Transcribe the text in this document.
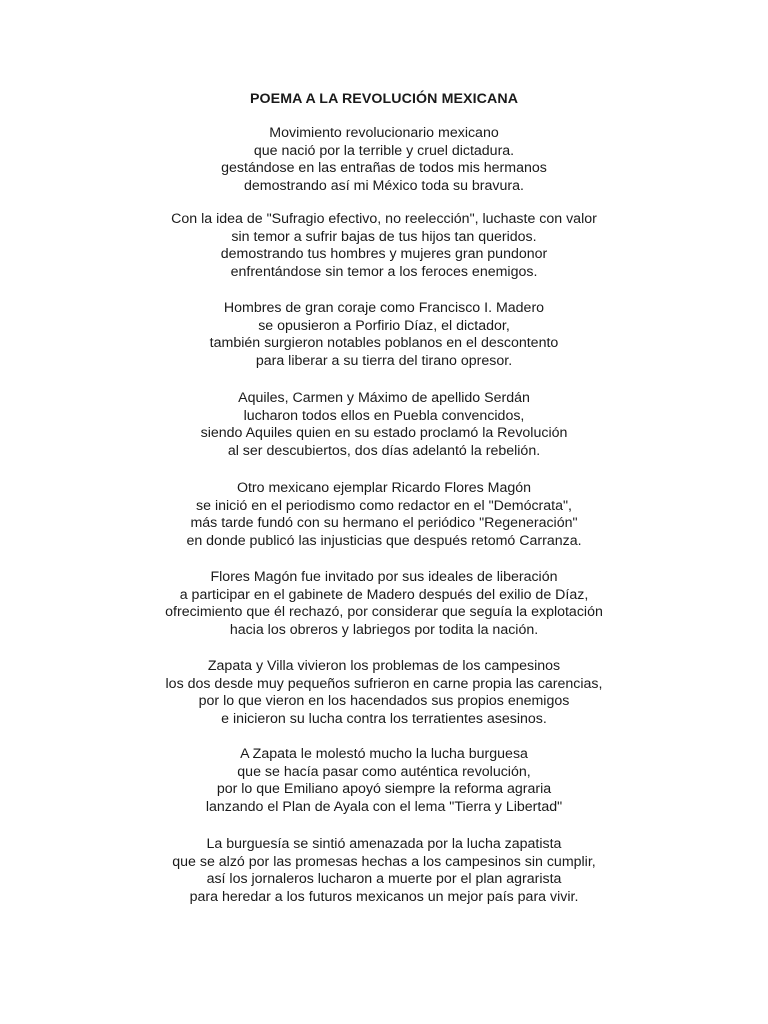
POEMA A LA REVOLUCIÓN MEXICANA
Movimiento revolucionario mexicano
que nació por la terrible y cruel dictadura.
gestándose en las entrañas de todos mis hermanos
demostrando así mi México toda su bravura.
Con la idea de "Sufragio efectivo, no reelección", luchaste con valor
sin temor a sufrir bajas de tus hijos tan queridos.
demostrando tus hombres y mujeres gran pundonor
enfrentándose sin temor a los feroces enemigos.
Hombres de gran coraje como Francisco I. Madero
se opusieron a Porfirio Díaz, el dictador,
también surgieron notables poblanos en el descontento
para liberar a su tierra del tirano opresor.
Aquiles, Carmen y Máximo de apellido Serdán
lucharon todos ellos en Puebla convencidos,
siendo Aquiles quien en su estado proclamó la Revolución
al ser descubiertos, dos días adelantó la rebelión.
Otro mexicano ejemplar Ricardo Flores Magón
se inició en el periodismo como redactor en el "Demócrata",
más tarde fundó con su hermano el periódico "Regeneración"
en donde publicó las injusticias que después retomó Carranza.
Flores Magón fue invitado por sus ideales de liberación
a participar en el gabinete de Madero después del exilio de Díaz,
ofrecimiento que él rechazó, por considerar que seguía la explotación
hacia los obreros y labriegos por todita la nación.
Zapata y Villa vivieron los problemas de los campesinos
los dos desde muy pequeños sufrieron en carne propia las carencias,
por lo que vieron en los hacendados sus propios enemigos
e inicieron su lucha contra los terratientes asesinos.
A Zapata le molestó mucho la lucha burguesa
que se hacía pasar como auténtica revolución,
por lo que Emiliano apoyó siempre la reforma agraria
lanzando el Plan de Ayala con el lema "Tierra y Libertad"
La burguesía se sintió amenazada por la lucha zapatista
que se alzó por las promesas hechas a los campesinos sin cumplir,
así los jornaleros lucharon a muerte por el plan agrarista
para heredar a los futuros mexicanos un mejor país para vivir.
